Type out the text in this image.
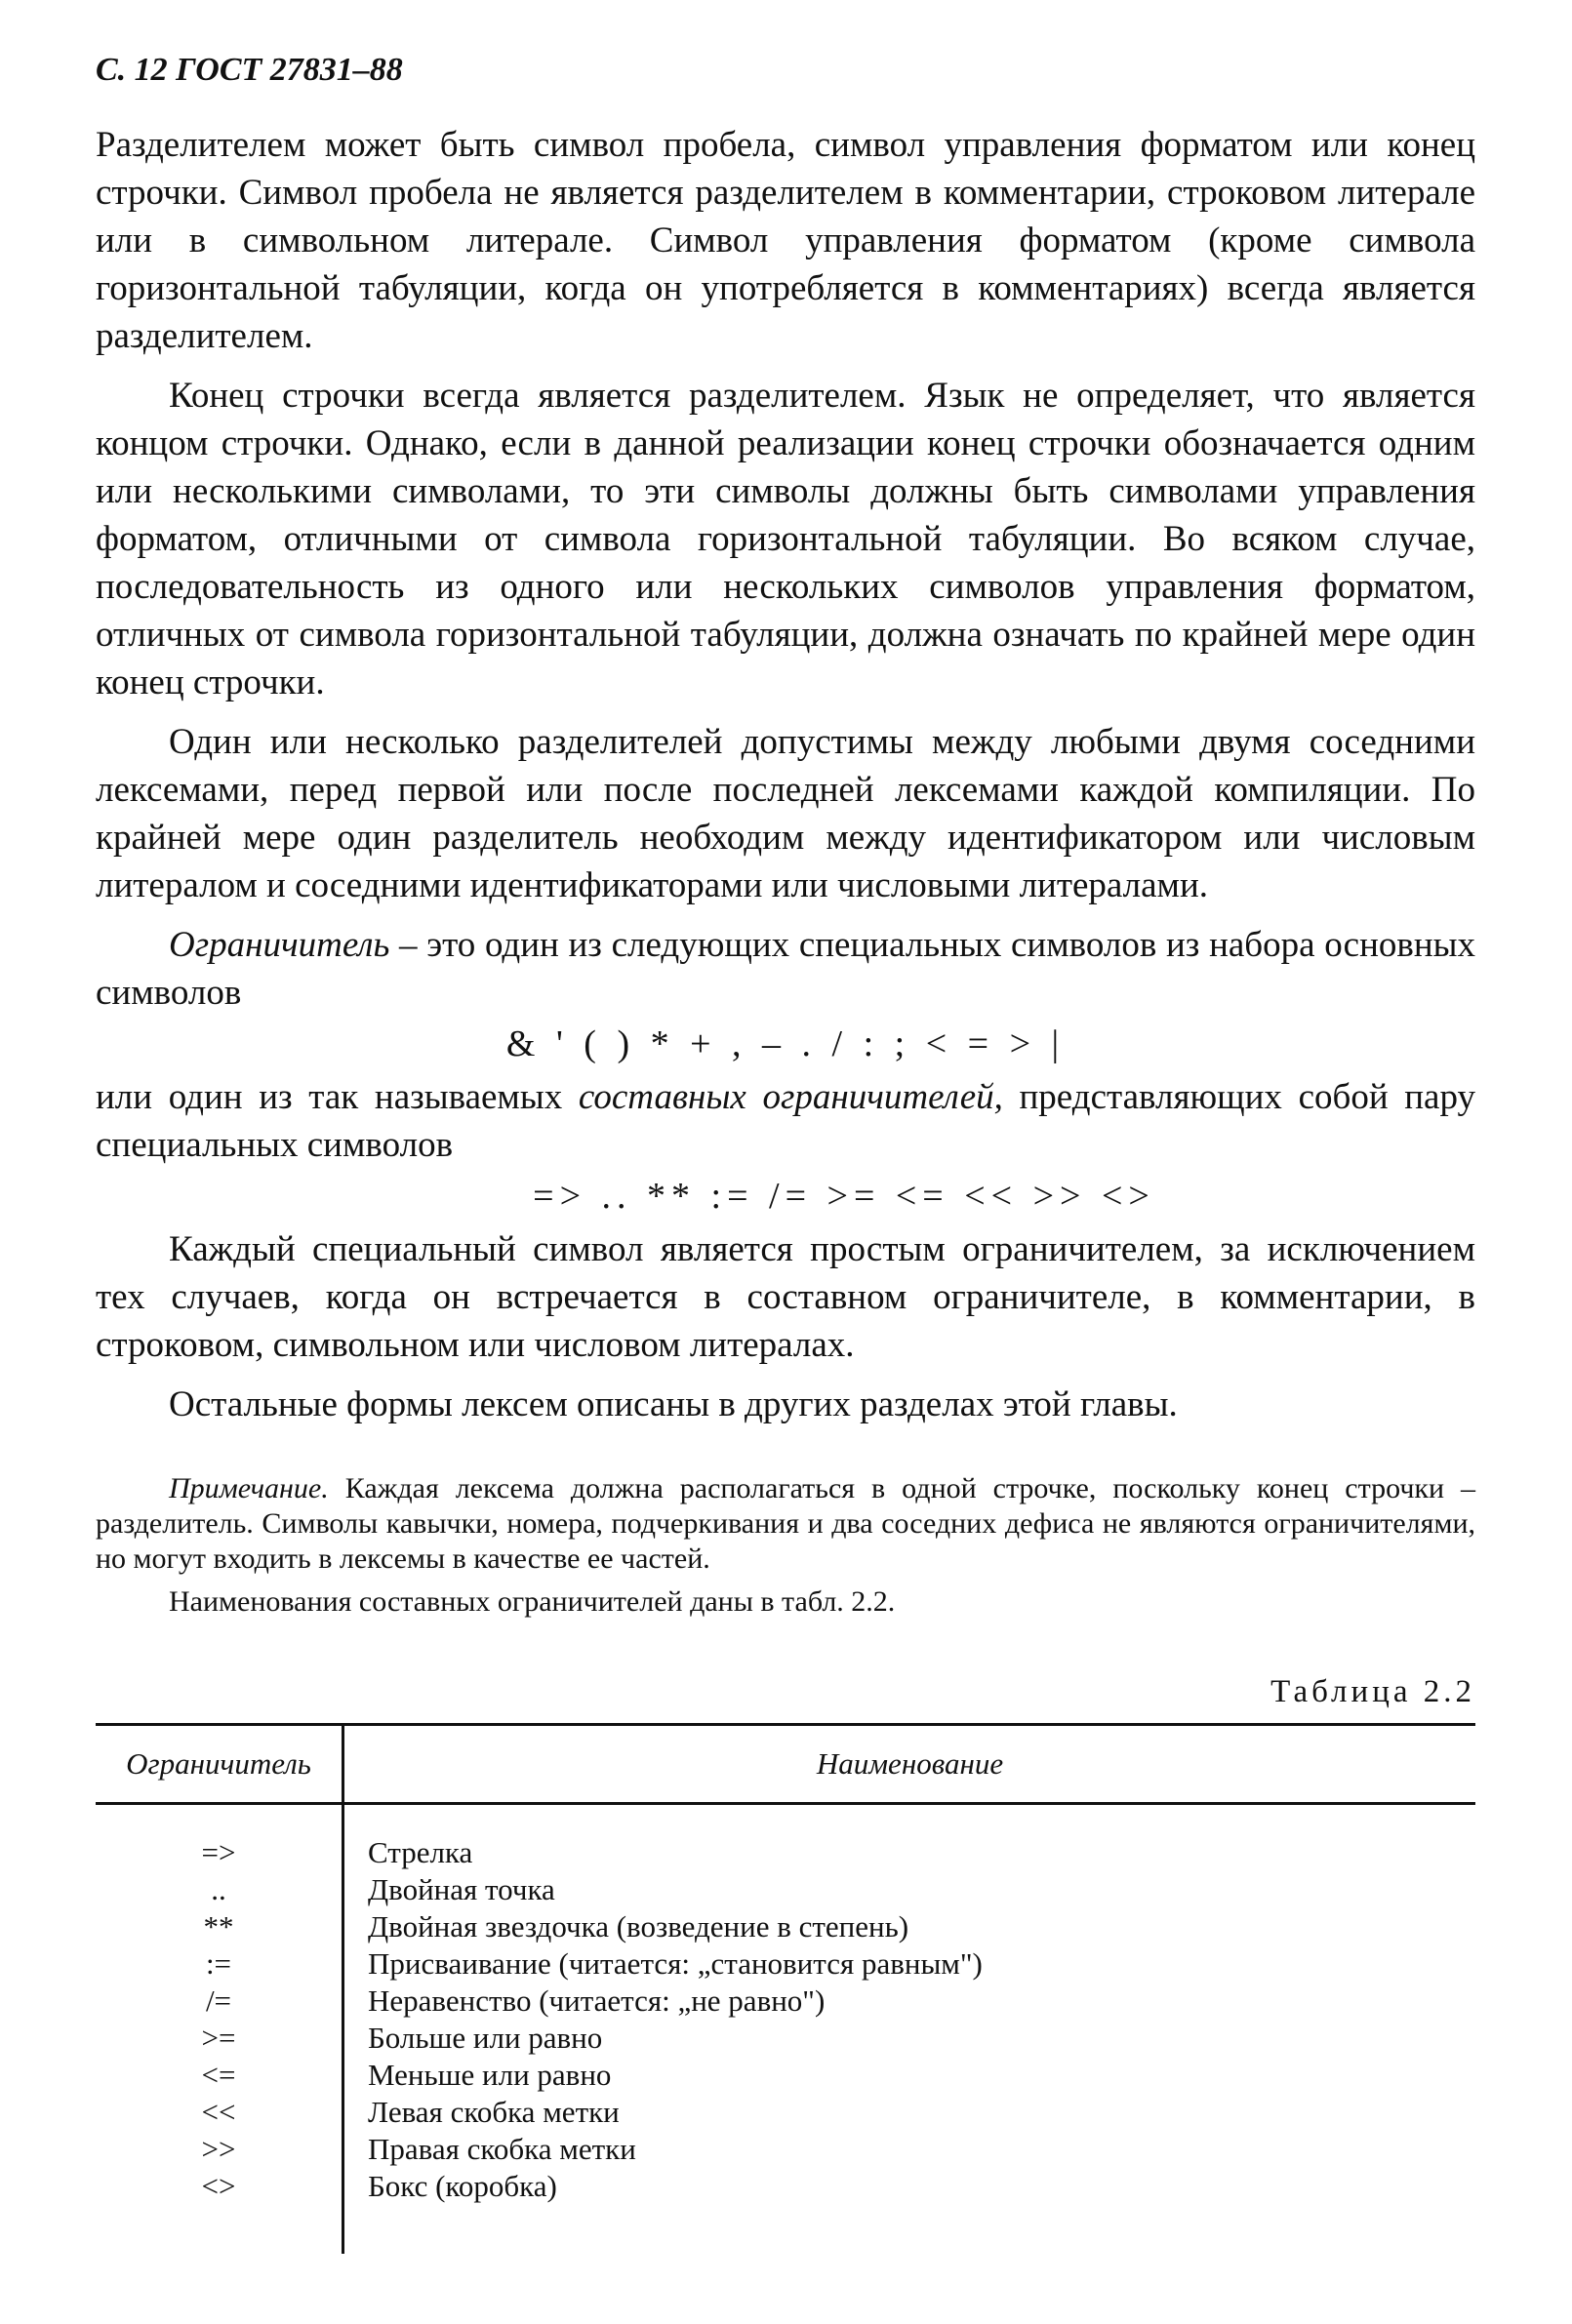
С. 12 ГОСТ 27831–88

Разделителем может быть символ пробела, символ управления форматом или конец строчки. Символ пробела не является разделителем в комментарии, строковом литерале или в символьном литерале. Символ управления форматом (кроме символа горизонтальной табуляции, когда он употребляется в комментариях) всегда является разделителем.

Конец строчки всегда является разделителем. Язык не определяет, что является концом строчки. Однако, если в данной реализации конец строчки обозначается одним или несколькими символами, то эти символы должны быть символами управления форматом, отличными от символа горизонтальной табуляции. Во всяком случае, последовательность из одного или нескольких символов управления форматом, отличных от символа горизонтальной табуляции, должна означать по крайней мере один конец строчки.

Один или несколько разделителей допустимы между любыми двумя соседними лексемами, перед первой или после последней лексемами каждой компиляции. По крайней мере один разделитель необходим между идентификатором или числовым литералом и соседними идентификаторами или числовыми литералами.

Ограничитель – это один из следующих специальных символов из набора основных символов

& ' ( ) * + , – . / : ; < = > |

или один из так называемых составных ограничителей, представляющих собой пару специальных символов

=> .. ** := /= >= <= << >> <>

Каждый специальный символ является простым ограничителем, за исключением тех случаев, когда он встречается в составном ограничителе, в комментарии, в строковом, символьном или числовом литералах.

Остальные формы лексем описаны в других разделах этой главы.

Примечание. Каждая лексема должна располагаться в одной строчке, поскольку конец строчки – разделитель. Символы кавычки, номера, подчеркивания и два соседних дефиса не являются ограничителями, но могут входить в лексемы в качестве ее частей.

Наименования составных ограничителей даны в табл. 2.2.

Таблица 2.2
Ограничитель	Наименование

=>	Стрелка
..	Двойная точка
**	Двойная звездочка (возведение в степень)
:=	Присваивание (читается: „становится равным")
/=	Неравенство (читается: „не равно")
>=	Больше или равно
<=	Меньше или равно
<<	Левая скобка метки
>>	Правая скобка метки
<>	Бокс (коробка)
